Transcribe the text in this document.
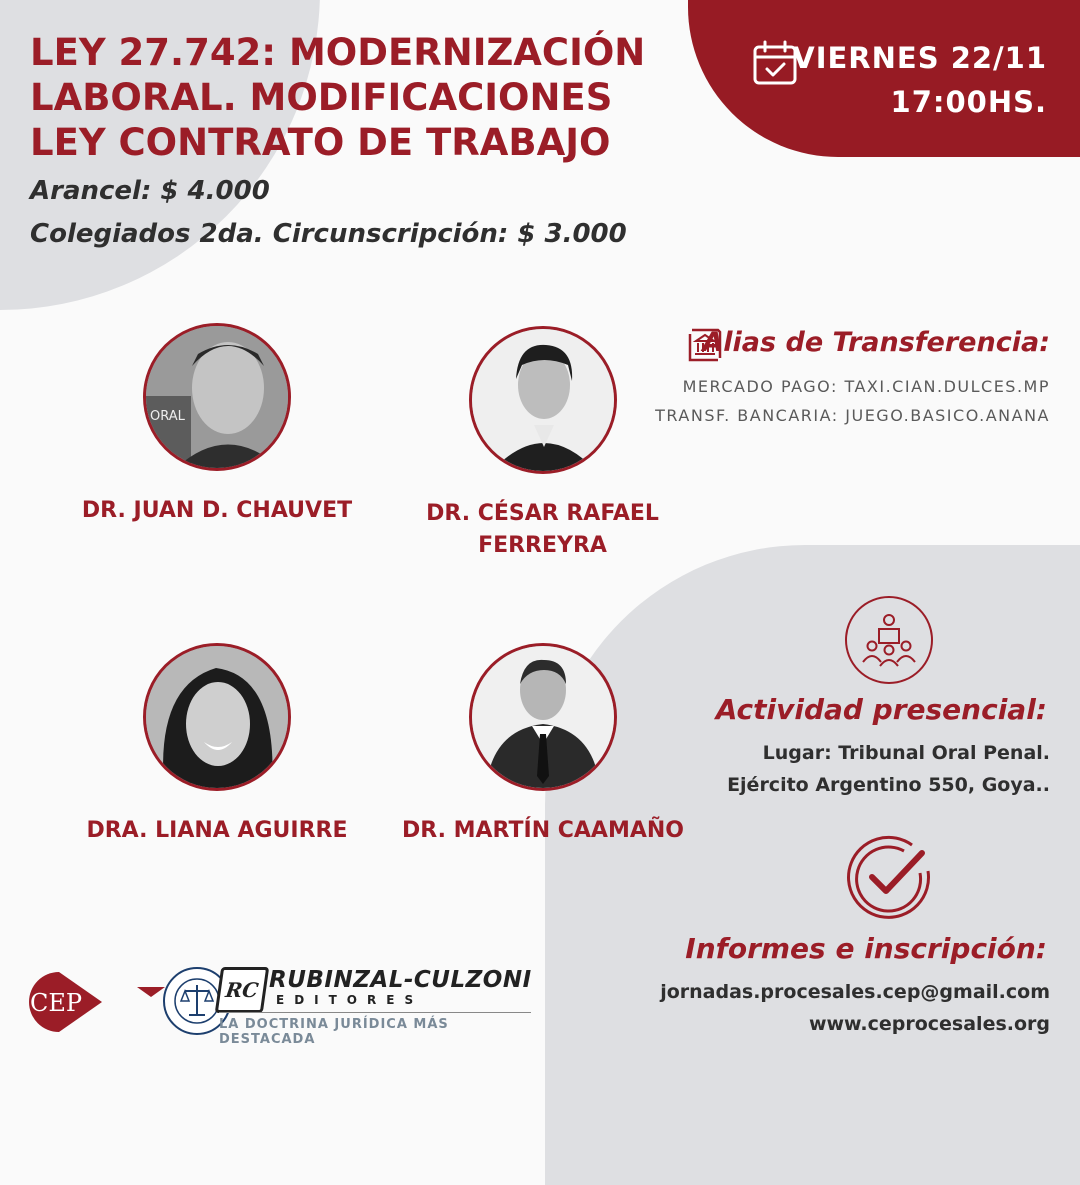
LEY 27.742: MODERNIZACIÓN LABORAL. MODIFICACIONES LEY CONTRATO DE TRABAJO

Arancel: $ 4.000

Colegiados 2da. Circunscripción: $ 3.000

VIERNES 22/11
17:00HS.
ORAL
DR. JUAN D. CHAUVET	DR. CÉSAR RAFAEL FERREYRA
DRA. LIANA AGUIRRE	DR. MARTÍN CAAMAÑO
Alias de Transferencia:
MERCADO PAGO: TAXI.CIAN.DULCES.MP
TRANSF. BANCARIA: JUEGO.BASICO.ANANA
Actividad presencial:
Lugar: Tribunal Oral Penal.
Ejército Argentino 550, Goya..
Informes e inscripción:
jornadas.procesales.cep@gmail.com
www.ceprocesales.org
CEP	RC RUBINZAL-CULZONI
EDITORES
LA DOCTRINA JURÍDICA MÁS DESTACADA
